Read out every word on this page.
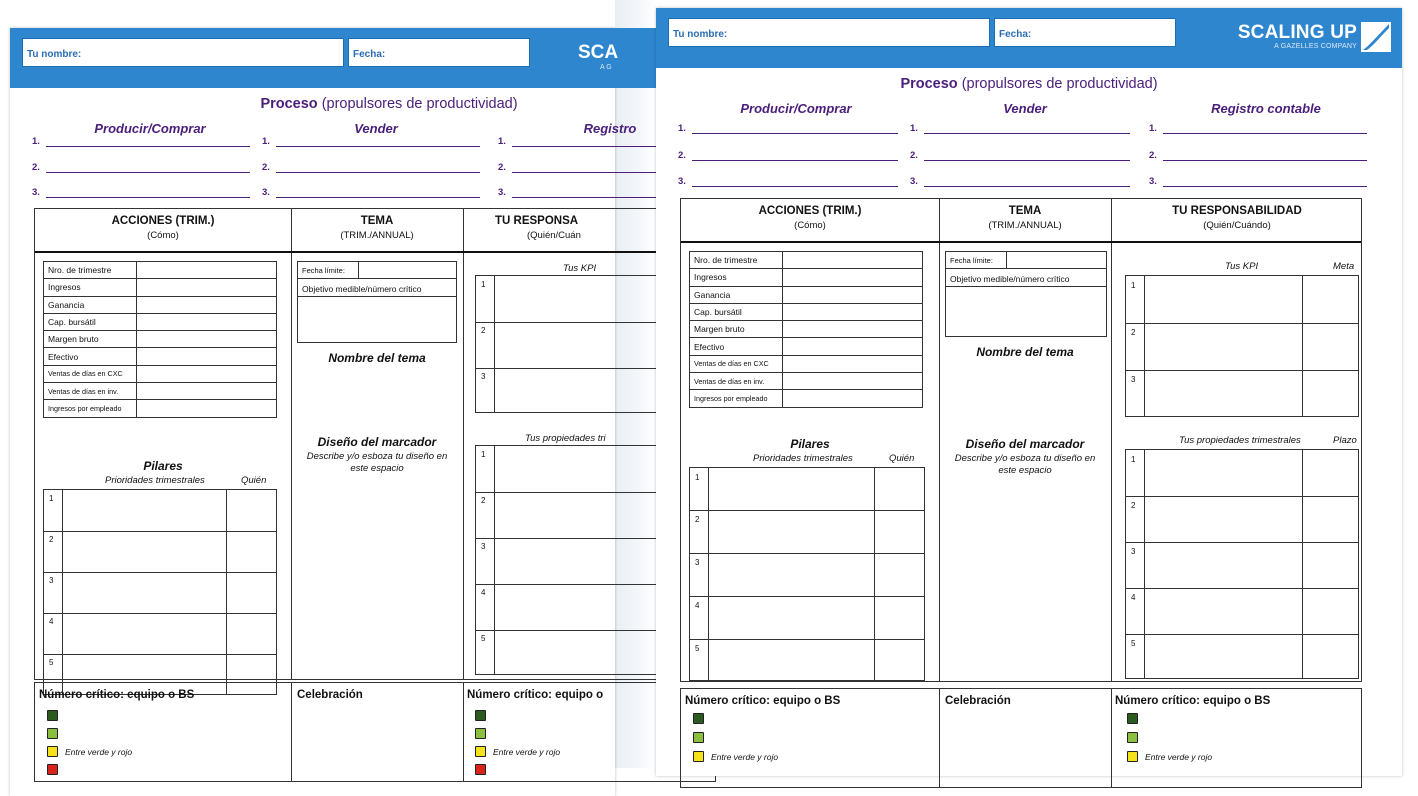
Tu nombre:	Fecha:	SCA
A G
Proceso (propulsores de productividad)
Producir/Comprar	Vender	Registro
1.
2.
3.
1.
2.
3.
1.
2.
3.
ACCIONES (TRIM.)
(Cómo)
TEMA
(TRIM./ANNUAL)
TU RESPONSA
(Quién/Cuán
Nro. de trimestre	
Ingresos	
Ganancia	
Cap. bursátil	
Margen bruto	
Efectivo	
Ventas de días en CXC	
Ventas de días en inv.	
Ingresos por empleado	
Pilares
Prioridades trimestrales	Quién
1
2
3
4
5
Fecha límite:
Objetivo medible/número crítico
Nombre del tema
Diseño del marcador
Describe y/o esboza tu diseño en
este espacio
Tus KPI
1
2
3
Tus propiedades tri
1
2
3
4
5
Número crítico: equipo o BS	Celebración	Número crítico: equipo o
Entre verde y rojo	Entre verde y rojo
Tu nombre:	Fecha:	SCALING UP
A GAZELLES COMPANY
Proceso (propulsores de productividad)
Producir/Comprar	Vender	Registro contable
1.
2.
3.
1.
2.
3.
1.
2.
3.
ACCIONES (TRIM.)
(Cómo)
TEMA
(TRIM./ANNUAL)
TU RESPONSABILIDAD
(Quién/Cuándo)
Nro. de trimestre	
Ingresos	
Ganancia	
Cap. bursátil	
Margen bruto	
Efectivo	
Ventas de días en CXC	
Ventas de días en inv.	
Ingresos por empleado	
Pilares
Prioridades trimestrales	Quién
1
2
3
4
5
Fecha límite:
Objetivo medible/número crítico
Nombre del tema
Diseño del marcador
Describe y/o esboza tu diseño en
este espacio
Tus KPI	Meta
1
2
3
Tus propiedades trimestrales	Plazo
1
2
3
4
5
Número crítico: equipo o BS	Celebración	Número crítico: equipo o BS
Entre verde y rojo	Entre verde y rojo
